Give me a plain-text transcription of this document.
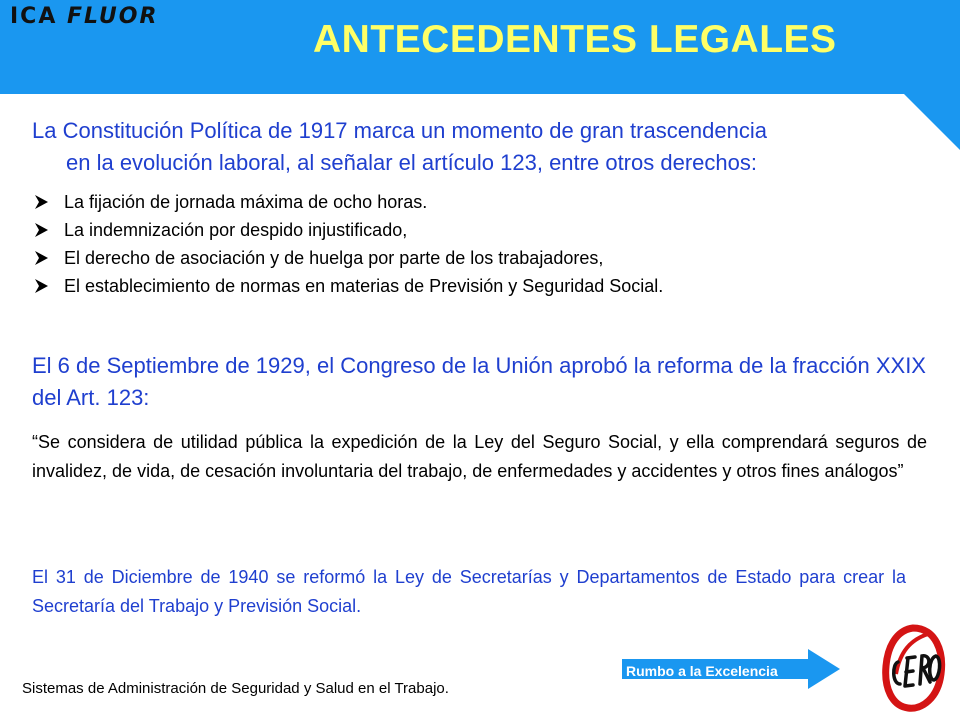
ICA FLUOR
ANTECEDENTES LEGALES
La Constitución Política de 1917 marca un momento de gran trascendencia
en la evolución laboral, al señalar el artículo 123, entre otros derechos:
La fijación de jornada máxima de ocho horas.
La indemnización por despido injustificado,
El derecho de asociación y de huelga por parte de los trabajadores,
El establecimiento de normas en materias de Previsión y Seguridad Social.
El 6 de Septiembre de 1929, el Congreso de la Unión aprobó la reforma de la fracción XXIX del Art. 123:
“Se considera de utilidad pública la expedición de la Ley del Seguro Social, y ella comprendará seguros de invalidez, de vida, de cesación involuntaria del trabajo, de enfermedades y accidentes y otros fines análogos”
El 31 de Diciembre de 1940 se reformó la Ley de Secretarías y Departamentos de Estado para crear la Secretaría del Trabajo y Previsión Social.
Sistemas de Administración de Seguridad y Salud en el Trabajo.
Rumbo a la Excelencia
